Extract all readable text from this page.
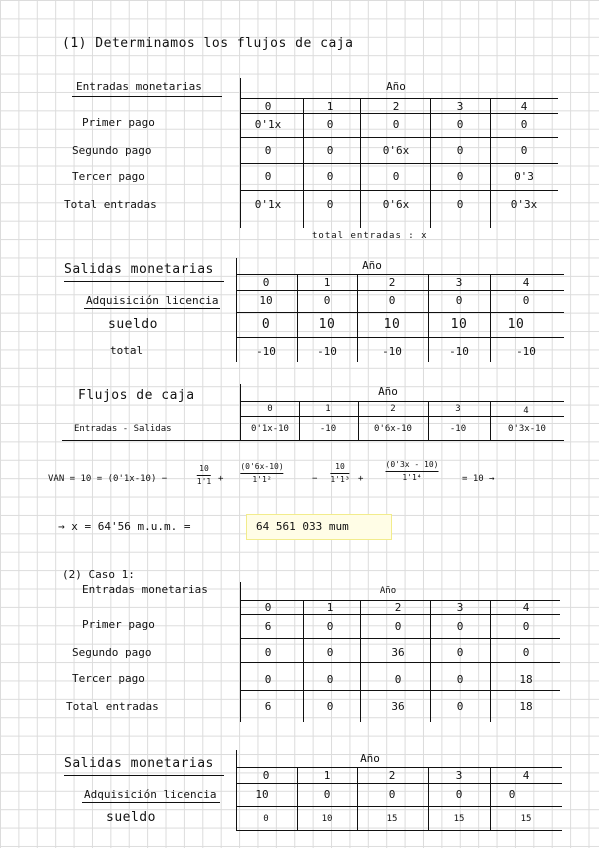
(1) Determinamos los flujos de caja
Entradas monetarias	Año
0	1	2	3	4
Primer pago	0'1x	0	0	0	0
Segundo pago	0	0	0'6x	0	0
Tercer pago	0	0	0	0	0'3
Total entradas	0'1x	0	0'6x	0	0'3x
total entradas : x
Salidas monetarias	Año
0	1	2	3	4
Adquisición licencia	10	0	0	0	0
sueldo	0	10	10	10	10
total	-10	-10	-10	-10	-10
Flujos de caja	Año
0	1	2	3	4
Entradas - Salidas	0'1x-10	-10	0'6x-10	-10	0'3x-10
VAN = 10 = (0'1x-10) −
10
1'1 +
(0'6x-10)
1'1²	−
10
1'1³ +
(0'3x - 10)
1'1⁴	= 10 →
→ x = 64'56 m.u.m. =	64 561 033 mum
(2) Caso 1:
Entradas monetarias	Año
0	1	2	3	4
Primer pago	6	0	0	0	0
Segundo pago	0	0	36	0	0
Tercer pago	0	0	0	0	18
Total entradas	6	0	36	0	18
Salidas monetarias	Año
0	1	2	3	4
Adquisición licencia	10	0	0	0	0
sueldo	0	10	15	15	15
